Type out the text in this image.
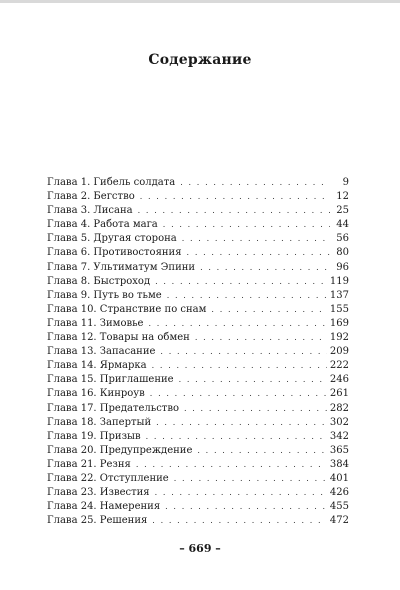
Содержание
Глава 1. Гибель солдата . . .	9
Глава 2. Бегство . . .	12
Глава 3. Лисана . . .	25
Глава 4. Работа мага . . .	44
Глава 5. Другая сторона . . .	56
Глава 6. Противостояния . . .	80
Глава 7. Ультиматум Эпини . . .	96
Глава 8. Быстроход . . .	119
Глава 9. Путь во тьме . . .	137
Глава 10. Странствие по снам . . .	155
Глава 11. Зимовье . . .	169
Глава 12. Товары на обмен . . .	192
Глава 13. Запасание . . .	209
Глава 14. Ярмарка . . .	222
Глава 15. Приглашение . . .	246
Глава 16. Кинроув . . .	261
Глава 17. Предательство . . .	282
Глава 18. Запертый . . .	302
Глава 19. Призыв . . .	342
Глава 20. Предупреждение . . .	365
Глава 21. Резня . . .	384
Глава 22. Отступление . . .	401
Глава 23. Известия . . .	426
Глава 24. Намерения . . .	455
Глава 25. Решения . . .	472
– 669 –
